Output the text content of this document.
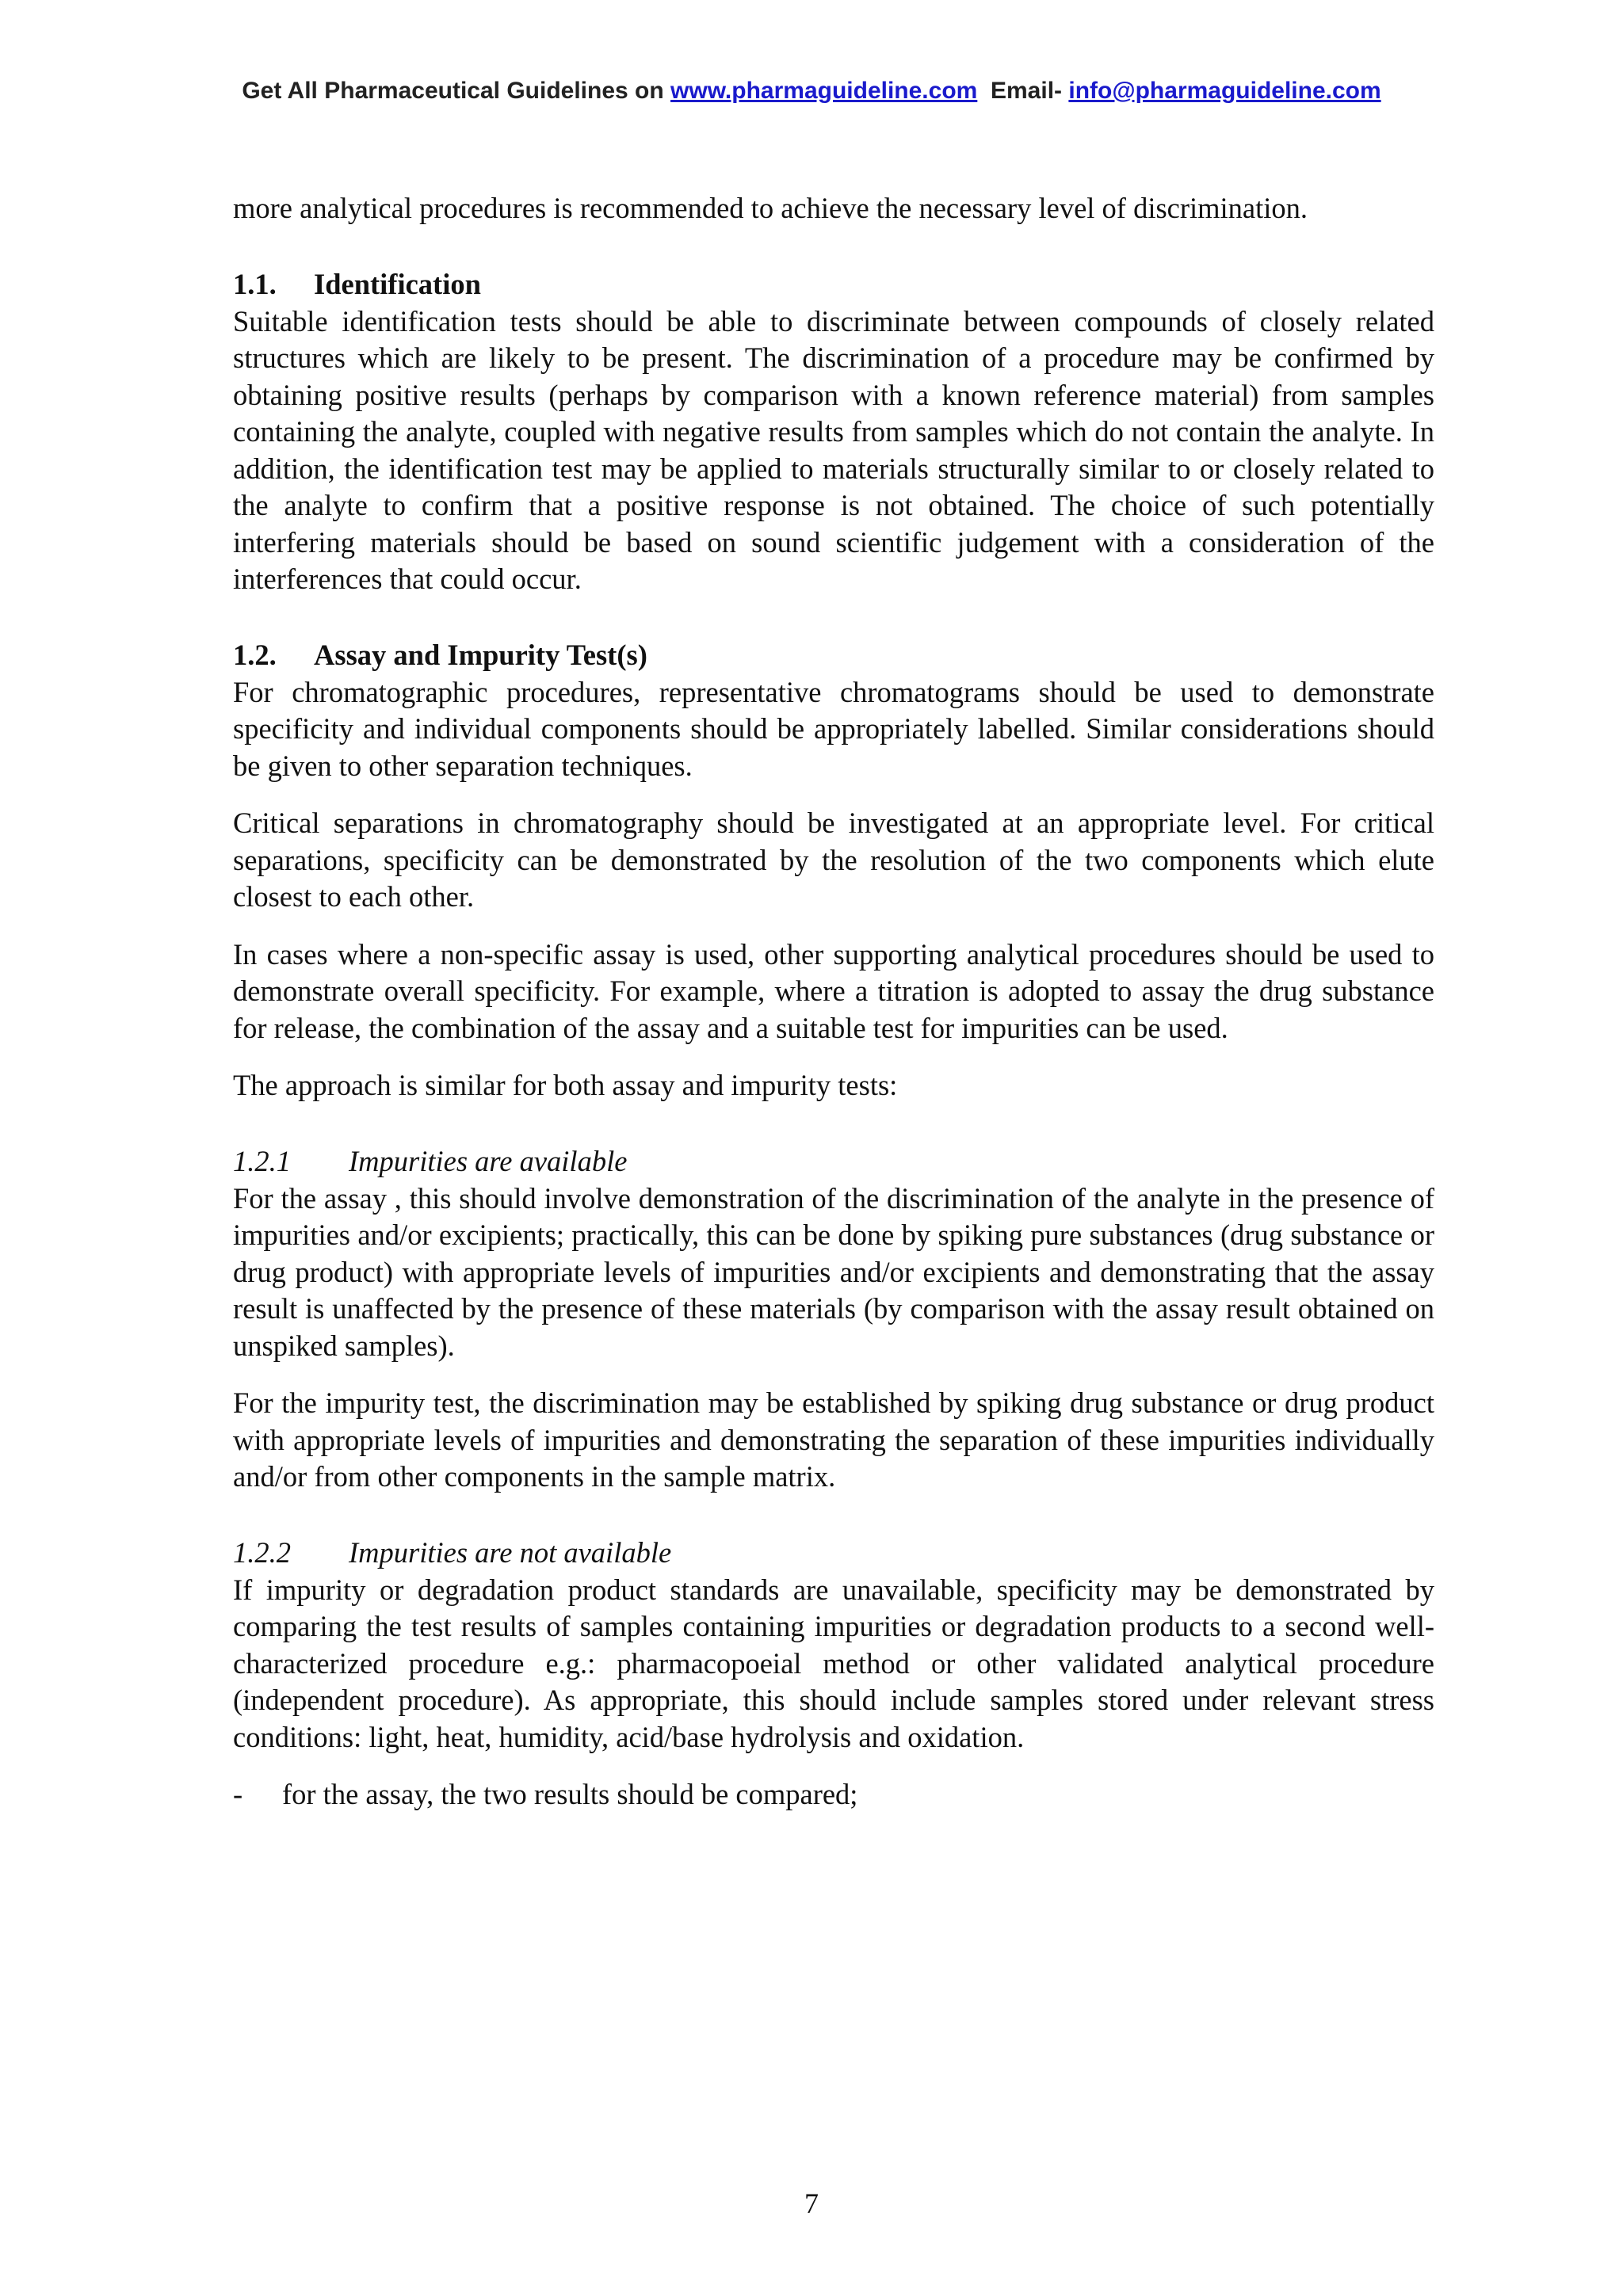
Get All Pharmaceutical Guidelines on www.pharmaguideline.com Email- info@pharmaguideline.com

more analytical procedures is recommended to achieve the necessary level of discrimination.

1.1. Identification

Suitable identification tests should be able to discriminate between compounds of closely related structures which are likely to be present. The discrimination of a procedure may be confirmed by obtaining positive results (perhaps by comparison with a known reference material) from samples containing the analyte, coupled with negative results from samples which do not contain the analyte. In addition, the identification test may be applied to materials structurally similar to or closely related to the analyte to confirm that a positive response is not obtained. The choice of such potentially interfering materials should be based on sound scientific judgement with a consideration of the interferences that could occur.

1.2. Assay and Impurity Test(s)

For chromatographic procedures, representative chromatograms should be used to demonstrate specificity and individual components should be appropriately labelled. Similar considerations should be given to other separation techniques.

Critical separations in chromatography should be investigated at an appropriate level. For critical separations, specificity can be demonstrated by the resolution of the two components which elute closest to each other.

In cases where a non-specific assay is used, other supporting analytical procedures should be used to demonstrate overall specificity. For example, where a titration is adopted to assay the drug substance for release, the combination of the assay and a suitable test for impurities can be used.

The approach is similar for both assay and impurity tests:

1.2.1 Impurities are available

For the assay , this should involve demonstration of the discrimination of the analyte in the presence of impurities and/or excipients; practically, this can be done by spiking pure substances (drug substance or drug product) with appropriate levels of impurities and/or excipients and demonstrating that the assay result is unaffected by the presence of these materials (by comparison with the assay result obtained on unspiked samples).

For the impurity test, the discrimination may be established by spiking drug substance or drug product with appropriate levels of impurities and demonstrating the separation of these impurities individually and/or from other components in the sample matrix.

1.2.2 Impurities are not available

If impurity or degradation product standards are unavailable, specificity may be demonstrated by comparing the test results of samples containing impurities or degradation products to a second well-characterized procedure e.g.: pharmacopoeial method or other validated analytical procedure (independent procedure). As appropriate, this should include samples stored under relevant stress conditions: light, heat, humidity, acid/base hydrolysis and oxidation.

-	for the assay, the two results should be compared;
7
